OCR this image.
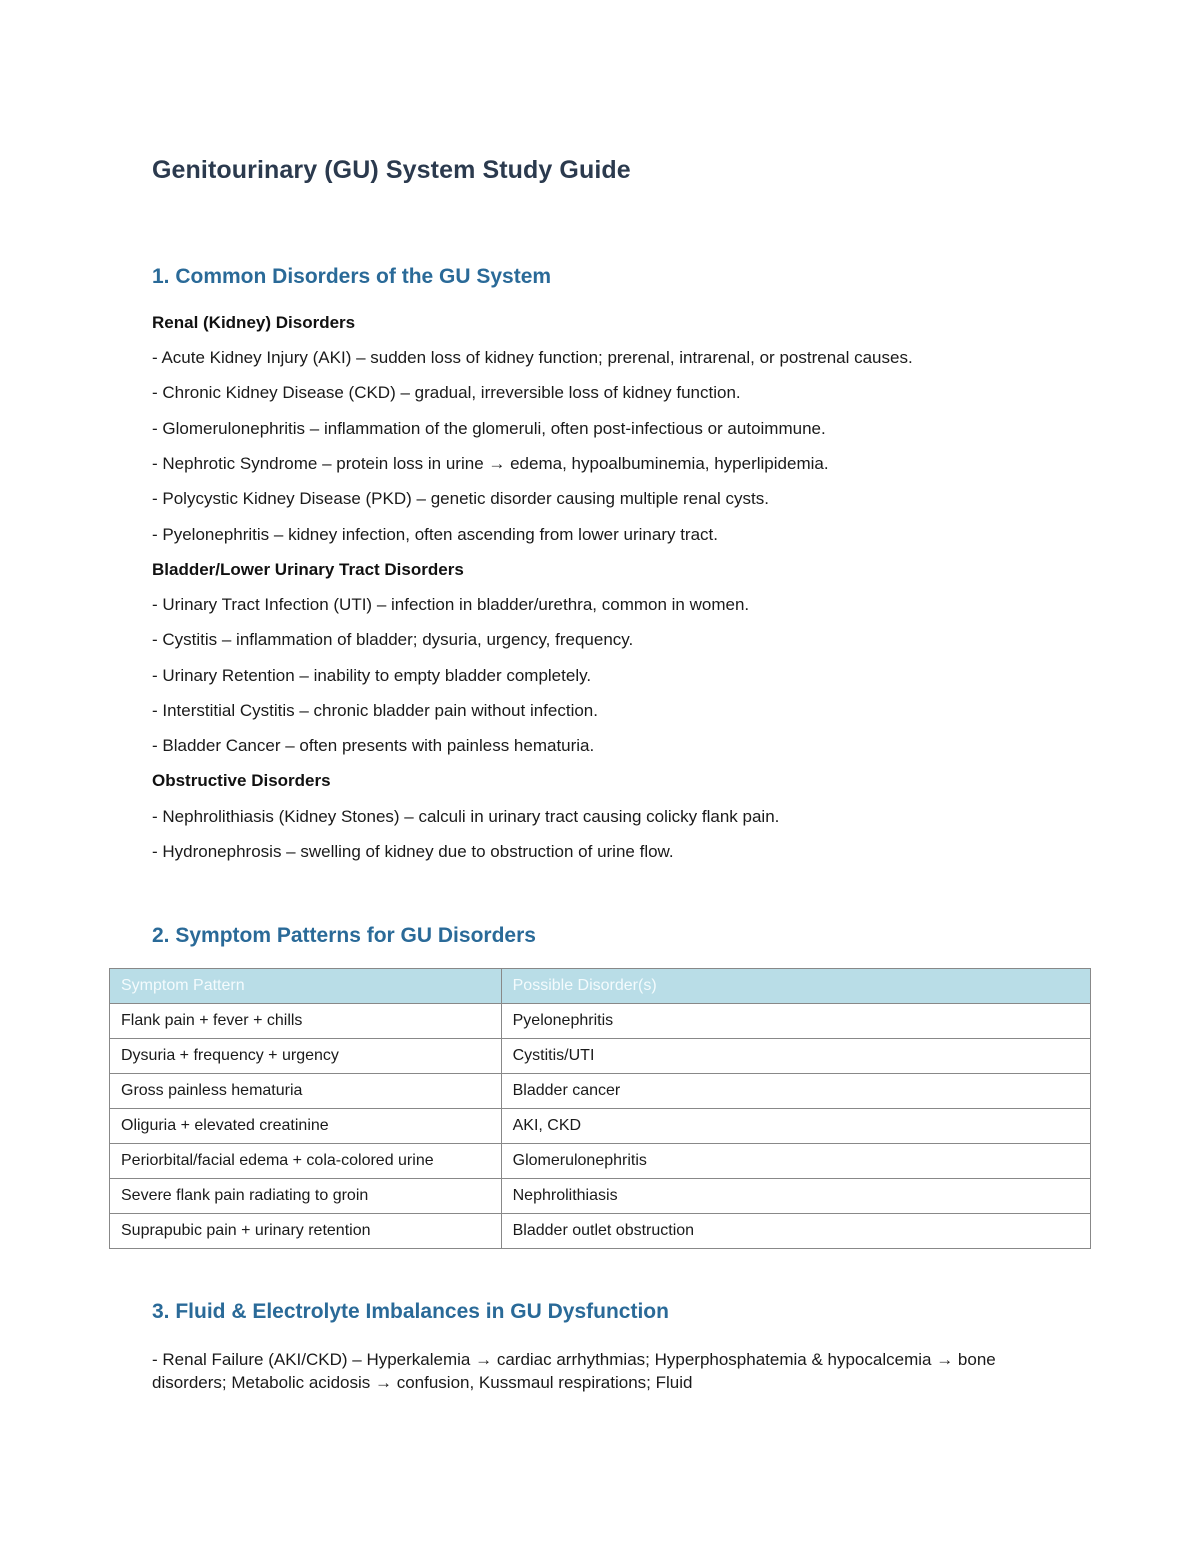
Genitourinary (GU) System Study Guide
1. Common Disorders of the GU System
Renal (Kidney) Disorders

- Acute Kidney Injury (AKI) – sudden loss of kidney function; prerenal, intrarenal, or postrenal causes.

- Chronic Kidney Disease (CKD) – gradual, irreversible loss of kidney function.

- Glomerulonephritis – inflammation of the glomeruli, often post-infectious or autoimmune.

- Nephrotic Syndrome – protein loss in urine → edema, hypoalbuminemia, hyperlipidemia.

- Polycystic Kidney Disease (PKD) – genetic disorder causing multiple renal cysts.

- Pyelonephritis – kidney infection, often ascending from lower urinary tract.

Bladder/Lower Urinary Tract Disorders

- Urinary Tract Infection (UTI) – infection in bladder/urethra, common in women.

- Cystitis – inflammation of bladder; dysuria, urgency, frequency.

- Urinary Retention – inability to empty bladder completely.

- Interstitial Cystitis – chronic bladder pain without infection.

- Bladder Cancer – often presents with painless hematuria.

Obstructive Disorders

- Nephrolithiasis (Kidney Stones) – calculi in urinary tract causing colicky flank pain.

- Hydronephrosis – swelling of kidney due to obstruction of urine flow.

2. Symptom Patterns for GU Disorders
Symptom Pattern	Possible Disorder(s)
Flank pain + fever + chills	Pyelonephritis
Dysuria + frequency + urgency	Cystitis/UTI
Gross painless hematuria	Bladder cancer
Oliguria + elevated creatinine	AKI, CKD
Periorbital/facial edema + cola-colored urine	Glomerulonephritis
Severe flank pain radiating to groin	Nephrolithiasis
Suprapubic pain + urinary retention	Bladder outlet obstruction
3. Fluid & Electrolyte Imbalances in GU Dysfunction

- Renal Failure (AKI/CKD) – Hyperkalemia → cardiac arrhythmias; Hyperphosphatemia & hypocalcemia → bone disorders; Metabolic acidosis → confusion, Kussmaul respirations; Fluid
